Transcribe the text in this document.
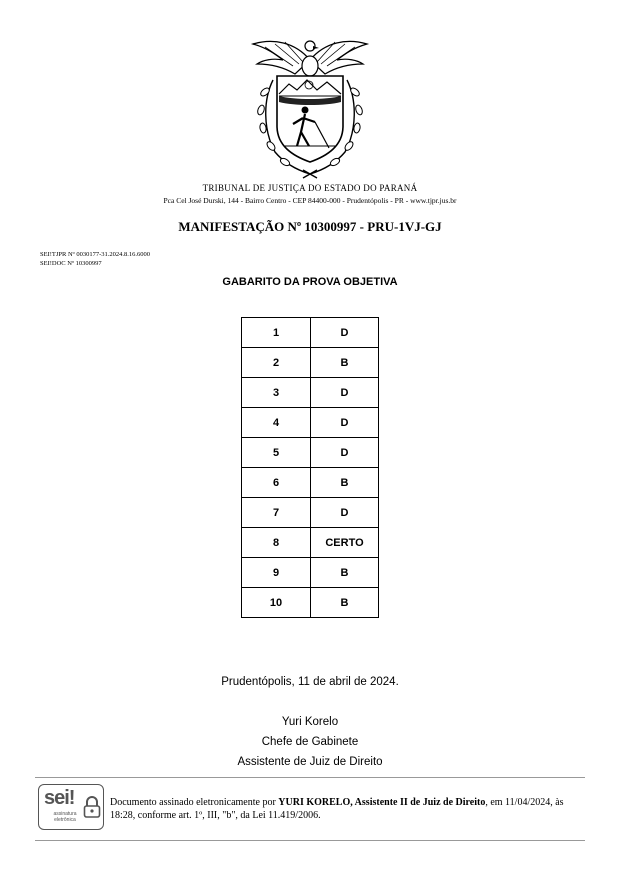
TRIBUNAL DE JUSTIÇA DO ESTADO DO PARANÁ
Pca Cel José Durski, 144 - Bairro Centro - CEP 84400-000 - Prudentópolis - PR - www.tjpr.jus.br
MANIFESTAÇÃO Nº 10300997 - PRU-1VJ-GJ
SEI!TJPR Nº 0030177-31.2024.8.16.6000
SEI!DOC Nº 10300997
GABARITO DA PROVA OBJETIVA
1	D
2	B
3	D
4	D
5	D
6	B
7	D
8	CERTO
9	B
10	B
Prudentópolis, 11 de abril de 2024.
Yuri Korelo
Chefe de Gabinete
Assistente de Juiz de Direito
sei!
assinatura eletrônica
Documento assinado eletronicamente por YURI KORELO, Assistente II de Juiz de Direito, em 11/04/2024, às 18:28, conforme art. 1º, III, "b", da Lei 11.419/2006.
